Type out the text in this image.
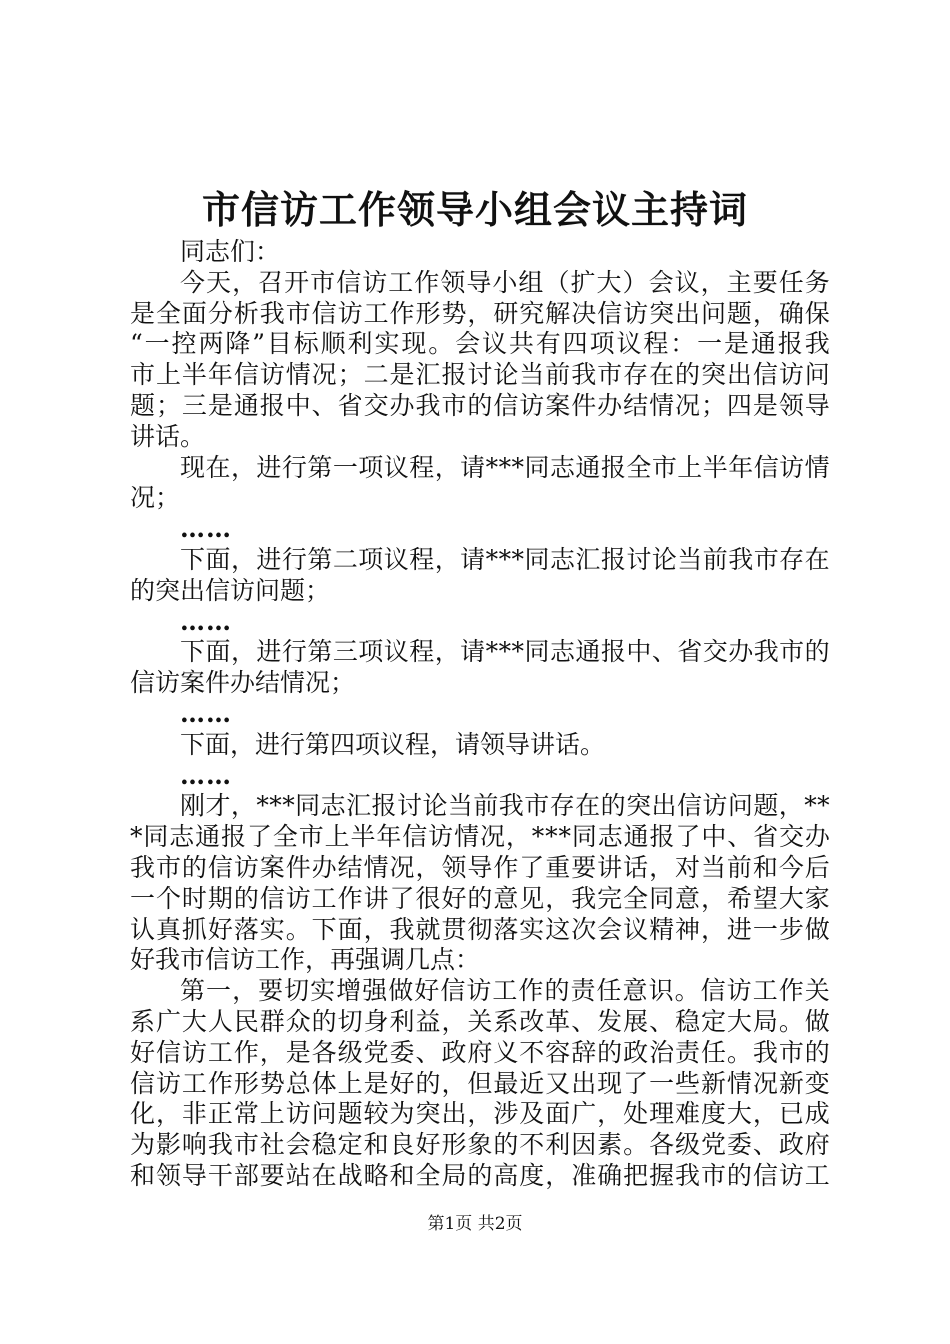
市信访工作领导小组会议主持词
同志们：
今 天 ， 召 开 市 信 访 工 作 领 导 小 组 （ 扩 大 ） 会 议 ， 主 要 任 务
是 全 面 分 析 我 市 信 访 工 作 形 势 ， 研 究 解 决 信 访 突 出 问 题 ， 确 保
“ 一 控 两 降 ” 目 标 顺 利 实 现 。 会 议 共 有 四 项 议 程 ： 一 是 通 报 我
市 上 半 年 信 访 情 况 ； 二 是 汇 报 讨 论 当 前 我 市 存 在 的 突 出 信 访 问
题 ； 三 是 通 报 中 、 省 交 办 我 市 的 信 访 案 件 办 结 情 况 ； 四 是 领 导
讲话。
现 在 ， 进 行 第 一 项 议 程 ， 请 * * * 同 志 通 报 全 市 上 半 年 信 访 情
况；
……
下 面 ， 进 行 第 二 项 议 程 ， 请 * * * 同 志 汇 报 讨 论 当 前 我 市 存 在
的突出信访问题；
……
下 面 ， 进 行 第 三 项 议 程 ， 请 * * * 同 志 通 报 中 、 省 交 办 我 市 的
信访案件办结情况；
……
下面，进行第四项议程，请领导讲话。
……
刚 才 ， * * * 同 志 汇 报 讨 论 当 前 我 市 存 在 的 突 出 信 访 问 题 ， * *
* 同 志 通 报 了 全 市 上 半 年 信 访 情 况 ， * * * 同 志 通 报 了 中 、 省 交 办
我 市 的 信 访 案 件 办 结 情 况 ， 领 导 作 了 重 要 讲 话 ， 对 当 前 和 今 后
一 个 时 期 的 信 访 工 作 讲 了 很 好 的 意 见 ， 我 完 全 同 意 ， 希 望 大 家
认 真 抓 好 落 实 。 下 面 ， 我 就 贯 彻 落 实 这 次 会 议 精 神 ， 进 一 步 做
好我市信访工作，再强调几点：
第 一 ， 要 切 实 增 强 做 好 信 访 工 作 的 责 任 意 识 。 信 访 工 作 关
系 广 大 人 民 群 众 的 切 身 利 益 ， 关 系 改 革 、 发 展 、 稳 定 大 局 。 做
好 信 访 工 作 ， 是 各 级 党 委 、 政 府 义 不 容 辞 的 政 治 责 任 。 我 市 的
信 访 工 作 形 势 总 体 上 是 好 的 ， 但 最 近 又 出 现 了 一 些 新 情 况 新 变
化 ， 非 正 常 上 访 问 题 较 为 突 出 ， 涉 及 面 广 ， 处 理 难 度 大 ， 已 成
为 影 响 我 市 社 会 稳 定 和 良 好 形 象 的 不 利 因 素 。 各 级 党 委 、 政 府
和 领 导 干 部 要 站 在 战 略 和 全 局 的 高 度 ， 准 确 把 握 我 市 的 信 访 工
第1页 共2页
